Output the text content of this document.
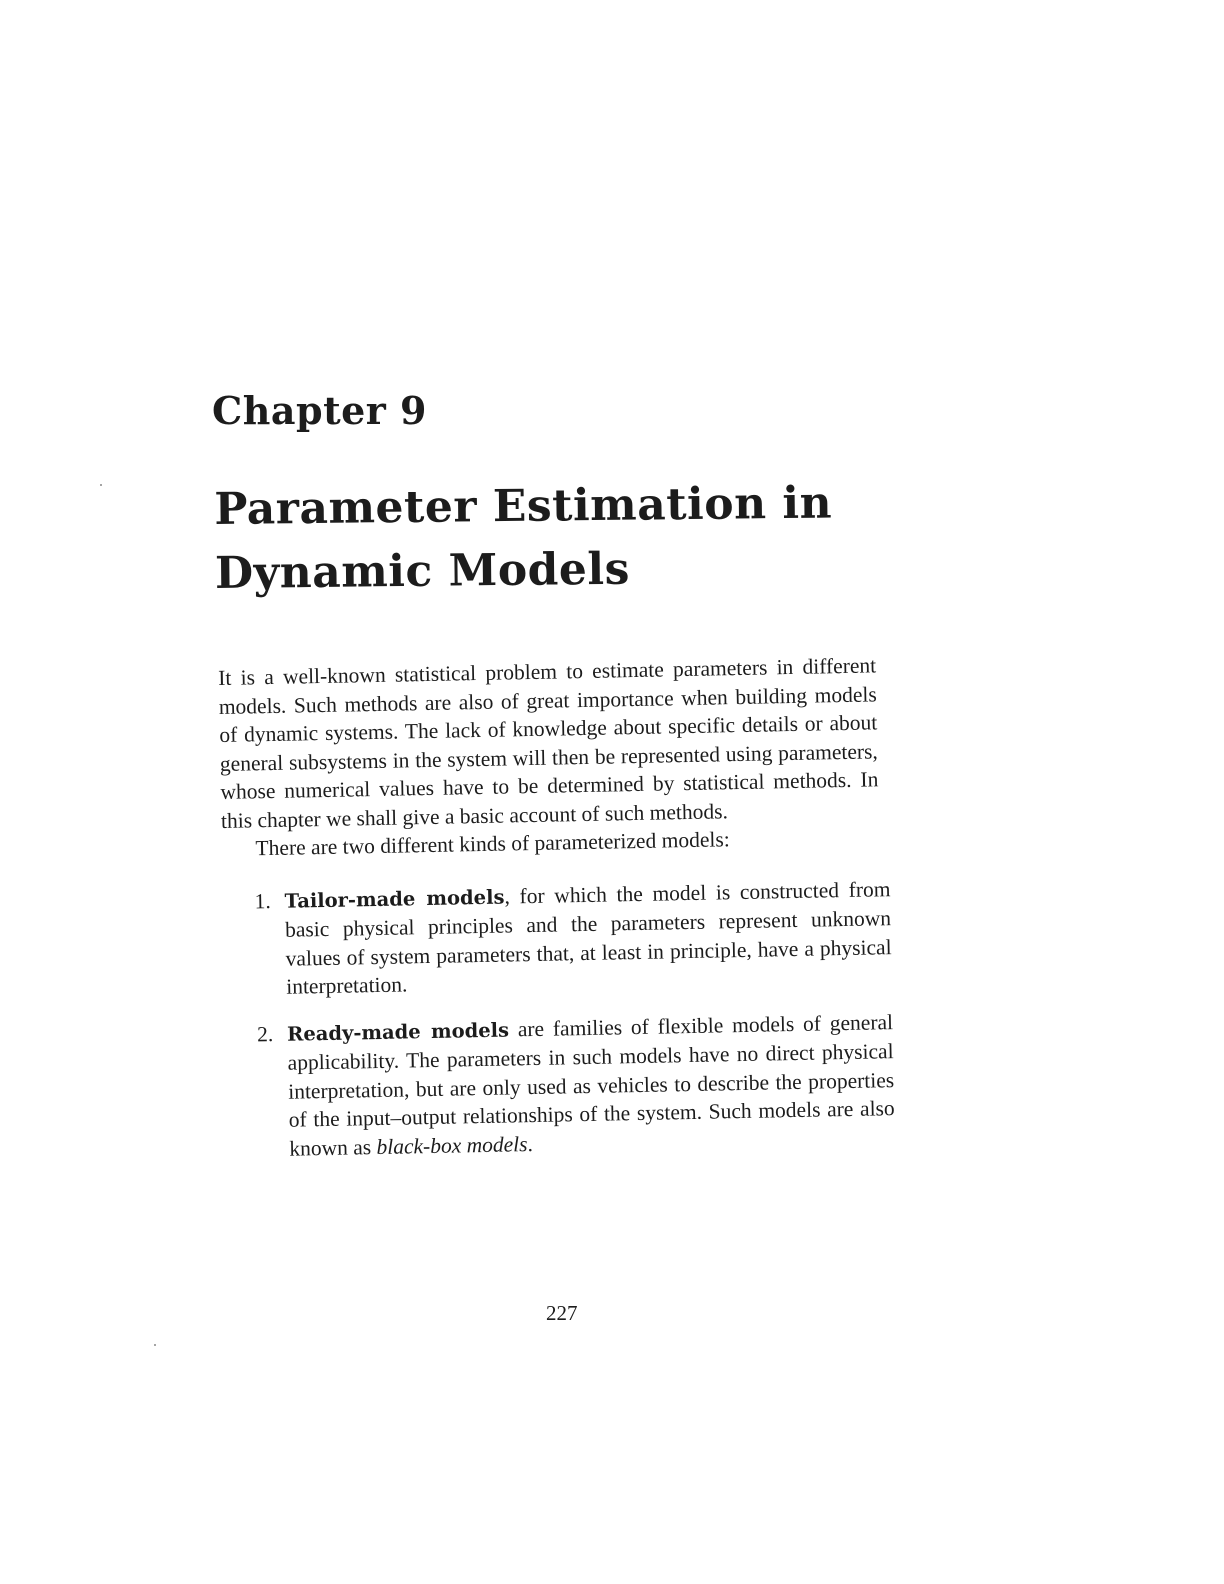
Chapter 9
Parameter Estimation in
Dynamic Models

It is a well-known statistical problem to estimate parameters in different models. Such methods are also of great importance when building models of dynamic systems. The lack of knowledge about specific details or about general subsystems in the system will then be represented using parameters, whose numerical values have to be determined by statistical methods. In this chapter we shall give a basic account of such methods.

There are two different kinds of parameterized models:

1. Tailor-made models, for which the model is constructed from basic physical principles and the parameters represent unknown values of system parameters that, at least in principle, have a physical interpretation.
2. Ready-made models are families of flexible models of general applicability. The parameters in such models have no direct physical interpretation, but are only used as vehicles to describe the properties of the input–output relationships of the system. Such models are also known as black-box models.

227
